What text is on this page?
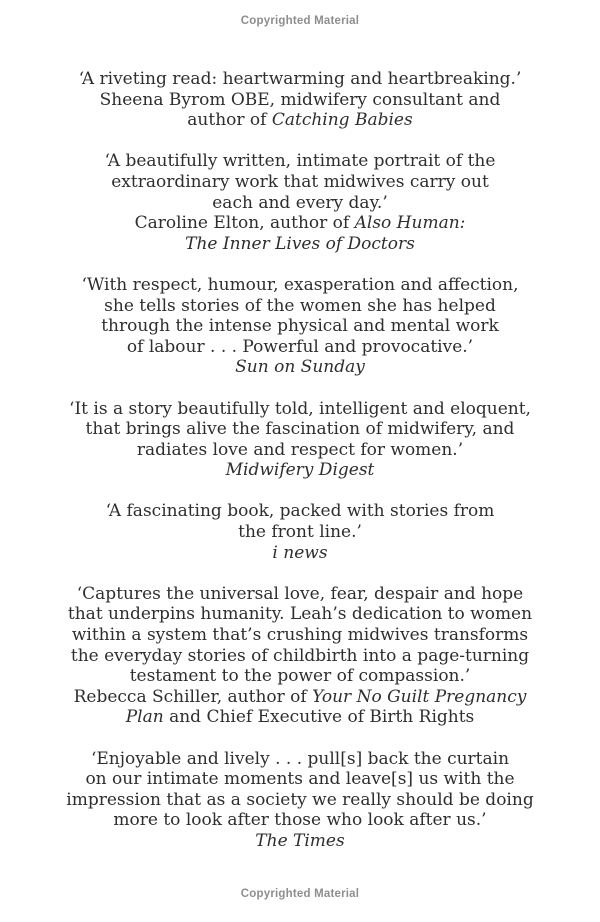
Copyrighted Material

‘A riveting read: heartwarming and heartbreaking.’

Sheena Byrom OBE, midwifery consultant and

author of Catching Babies

‘A beautifully written, intimate portrait of the

extraordinary work that midwives carry out

each and every day.’

Caroline Elton, author of Also Human:

The Inner Lives of Doctors

‘With respect, humour, exasperation and affection,

she tells stories of the women she has helped

through the intense physical and mental work

of labour . . . Powerful and provocative.’

Sun on Sunday

‘It is a story beautifully told, intelligent and eloquent,

that brings alive the fascination of midwifery, and

radiates love and respect for women.’

Midwifery Digest

‘A fascinating book, packed with stories from

the front line.’

i news

‘Captures the universal love, fear, despair and hope

that underpins humanity. Leah’s dedication to women

within a system that’s crushing midwives transforms

the everyday stories of childbirth into a page-turning

testament to the power of compassion.’

Rebecca Schiller, author of Your No Guilt Pregnancy

Plan and Chief Executive of Birth Rights

‘Enjoyable and lively . . . pull[s] back the curtain

on our intimate moments and leave[s] us with the

impression that as a society we really should be doing

more to look after those who look after us.’

The Times

Copyrighted Material
